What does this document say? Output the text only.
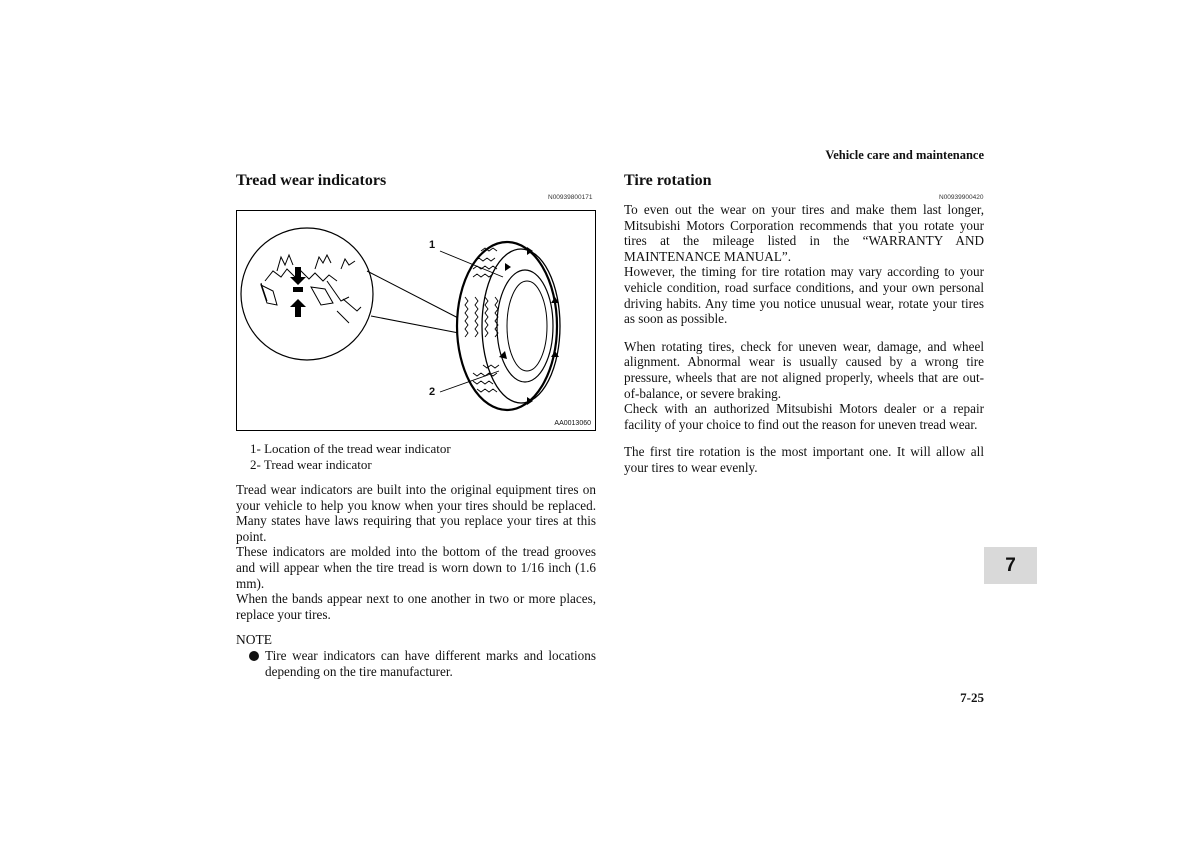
Vehicle care and maintenance
Tread wear indicators
N00939800171
1
2
AA0013060
1- Location of the tread wear indicator
2- Tread wear indicator

Tread wear indicators are built into the original equipment tires on your vehicle to help you know when your tires should be replaced. Many states have laws requiring that you replace your tires at this point.

These indicators are molded into the bottom of the tread grooves and will appear when the tire tread is worn down to 1/16 inch (1.6 mm).

When the bands appear next to one another in two or more places, replace your tires.

NOTE

Tire wear indicators can have different marks and locations depending on the tire manufacturer.

Tire rotation
N00939900420

To even out the wear on your tires and make them last longer, Mitsubishi Motors Corporation recommends that you rotate your tires at the mileage listed in the “WARRANTY AND MAINTENANCE MANUAL”.

However, the timing for tire rotation may vary according to your vehicle condition, road surface conditions, and your own personal driving habits. Any time you notice unusual wear, rotate your tires as soon as possible.

When rotating tires, check for uneven wear, damage, and wheel alignment. Abnormal wear is usually caused by a wrong tire pressure, wheels that are not aligned properly, wheels that are out-of-balance, or severe braking.

Check with an authorized Mitsubishi Motors dealer or a repair facility of your choice to find out the reason for uneven tread wear.

The first tire rotation is the most important one. It will allow all your tires to wear evenly.

7
7-25
